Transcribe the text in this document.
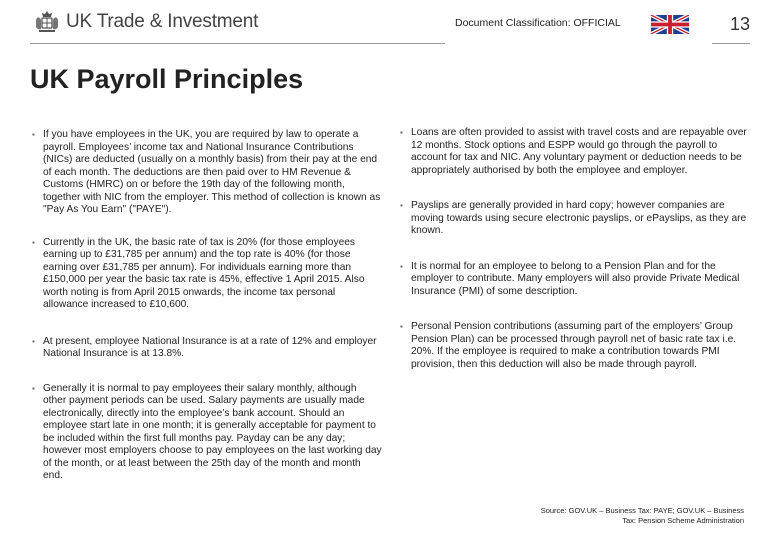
UK Trade & Investment	Document Classification: OFFICIAL	13
UK Payroll Principles
▪ If you have employees in the UK, you are required by law to operate a payroll. Employees’ income tax and National Insurance Contributions (NICs) are deducted (usually on a monthly basis) from their pay at the end of each month. The deductions are then paid over to HM Revenue & Customs (HMRC) on or before the 19th day of the following month, together with NIC from the employer. This method of collection is known as "Pay As You Earn" ("PAYE").
▪ Currently in the UK, the basic rate of tax is 20% (for those employees earning up to £31,785 per annum) and the top rate is 40% (for those earning over £31,785 per annum). For individuals earning more than £150,000 per year the basic tax rate is 45%, effective 1 April 2015. Also worth noting is from April 2015 onwards, the income tax personal allowance increased to £10,600.
▪ At present, employee National Insurance is at a rate of 12% and employer National Insurance is at 13.8%.
▪ Generally it is normal to pay employees their salary monthly, although other payment periods can be used. Salary payments are usually made electronically, directly into the employee’s bank account. Should an employee start late in one month; it is generally acceptable for payment to be included within the first full months pay. Payday can be any day; however most employers choose to pay employees on the last working day of the month, or at least between the 25th day of the month and month end.
▪ Loans are often provided to assist with travel costs and are repayable over 12 months. Stock options and ESPP would go through the payroll to account for tax and NIC. Any voluntary payment or deduction needs to be appropriately authorised by both the employee and employer.
▪ Payslips are generally provided in hard copy; however companies are moving towards using secure electronic payslips, or ePayslips, as they are known.
▪ It is normal for an employee to belong to a Pension Plan and for the employer to contribute. Many employers will also provide Private Medical Insurance (PMI) of some description.
▪ Personal Pension contributions (assuming part of the employers’ Group Pension Plan) can be processed through payroll net of basic rate tax i.e. 20%. If the employee is required to make a contribution towards PMI provision, then this deduction will also be made through payroll.
Source: GOV.UK – Business Tax: PAYE; GOV.UK – Business
Tax: Pension Scheme Administration
